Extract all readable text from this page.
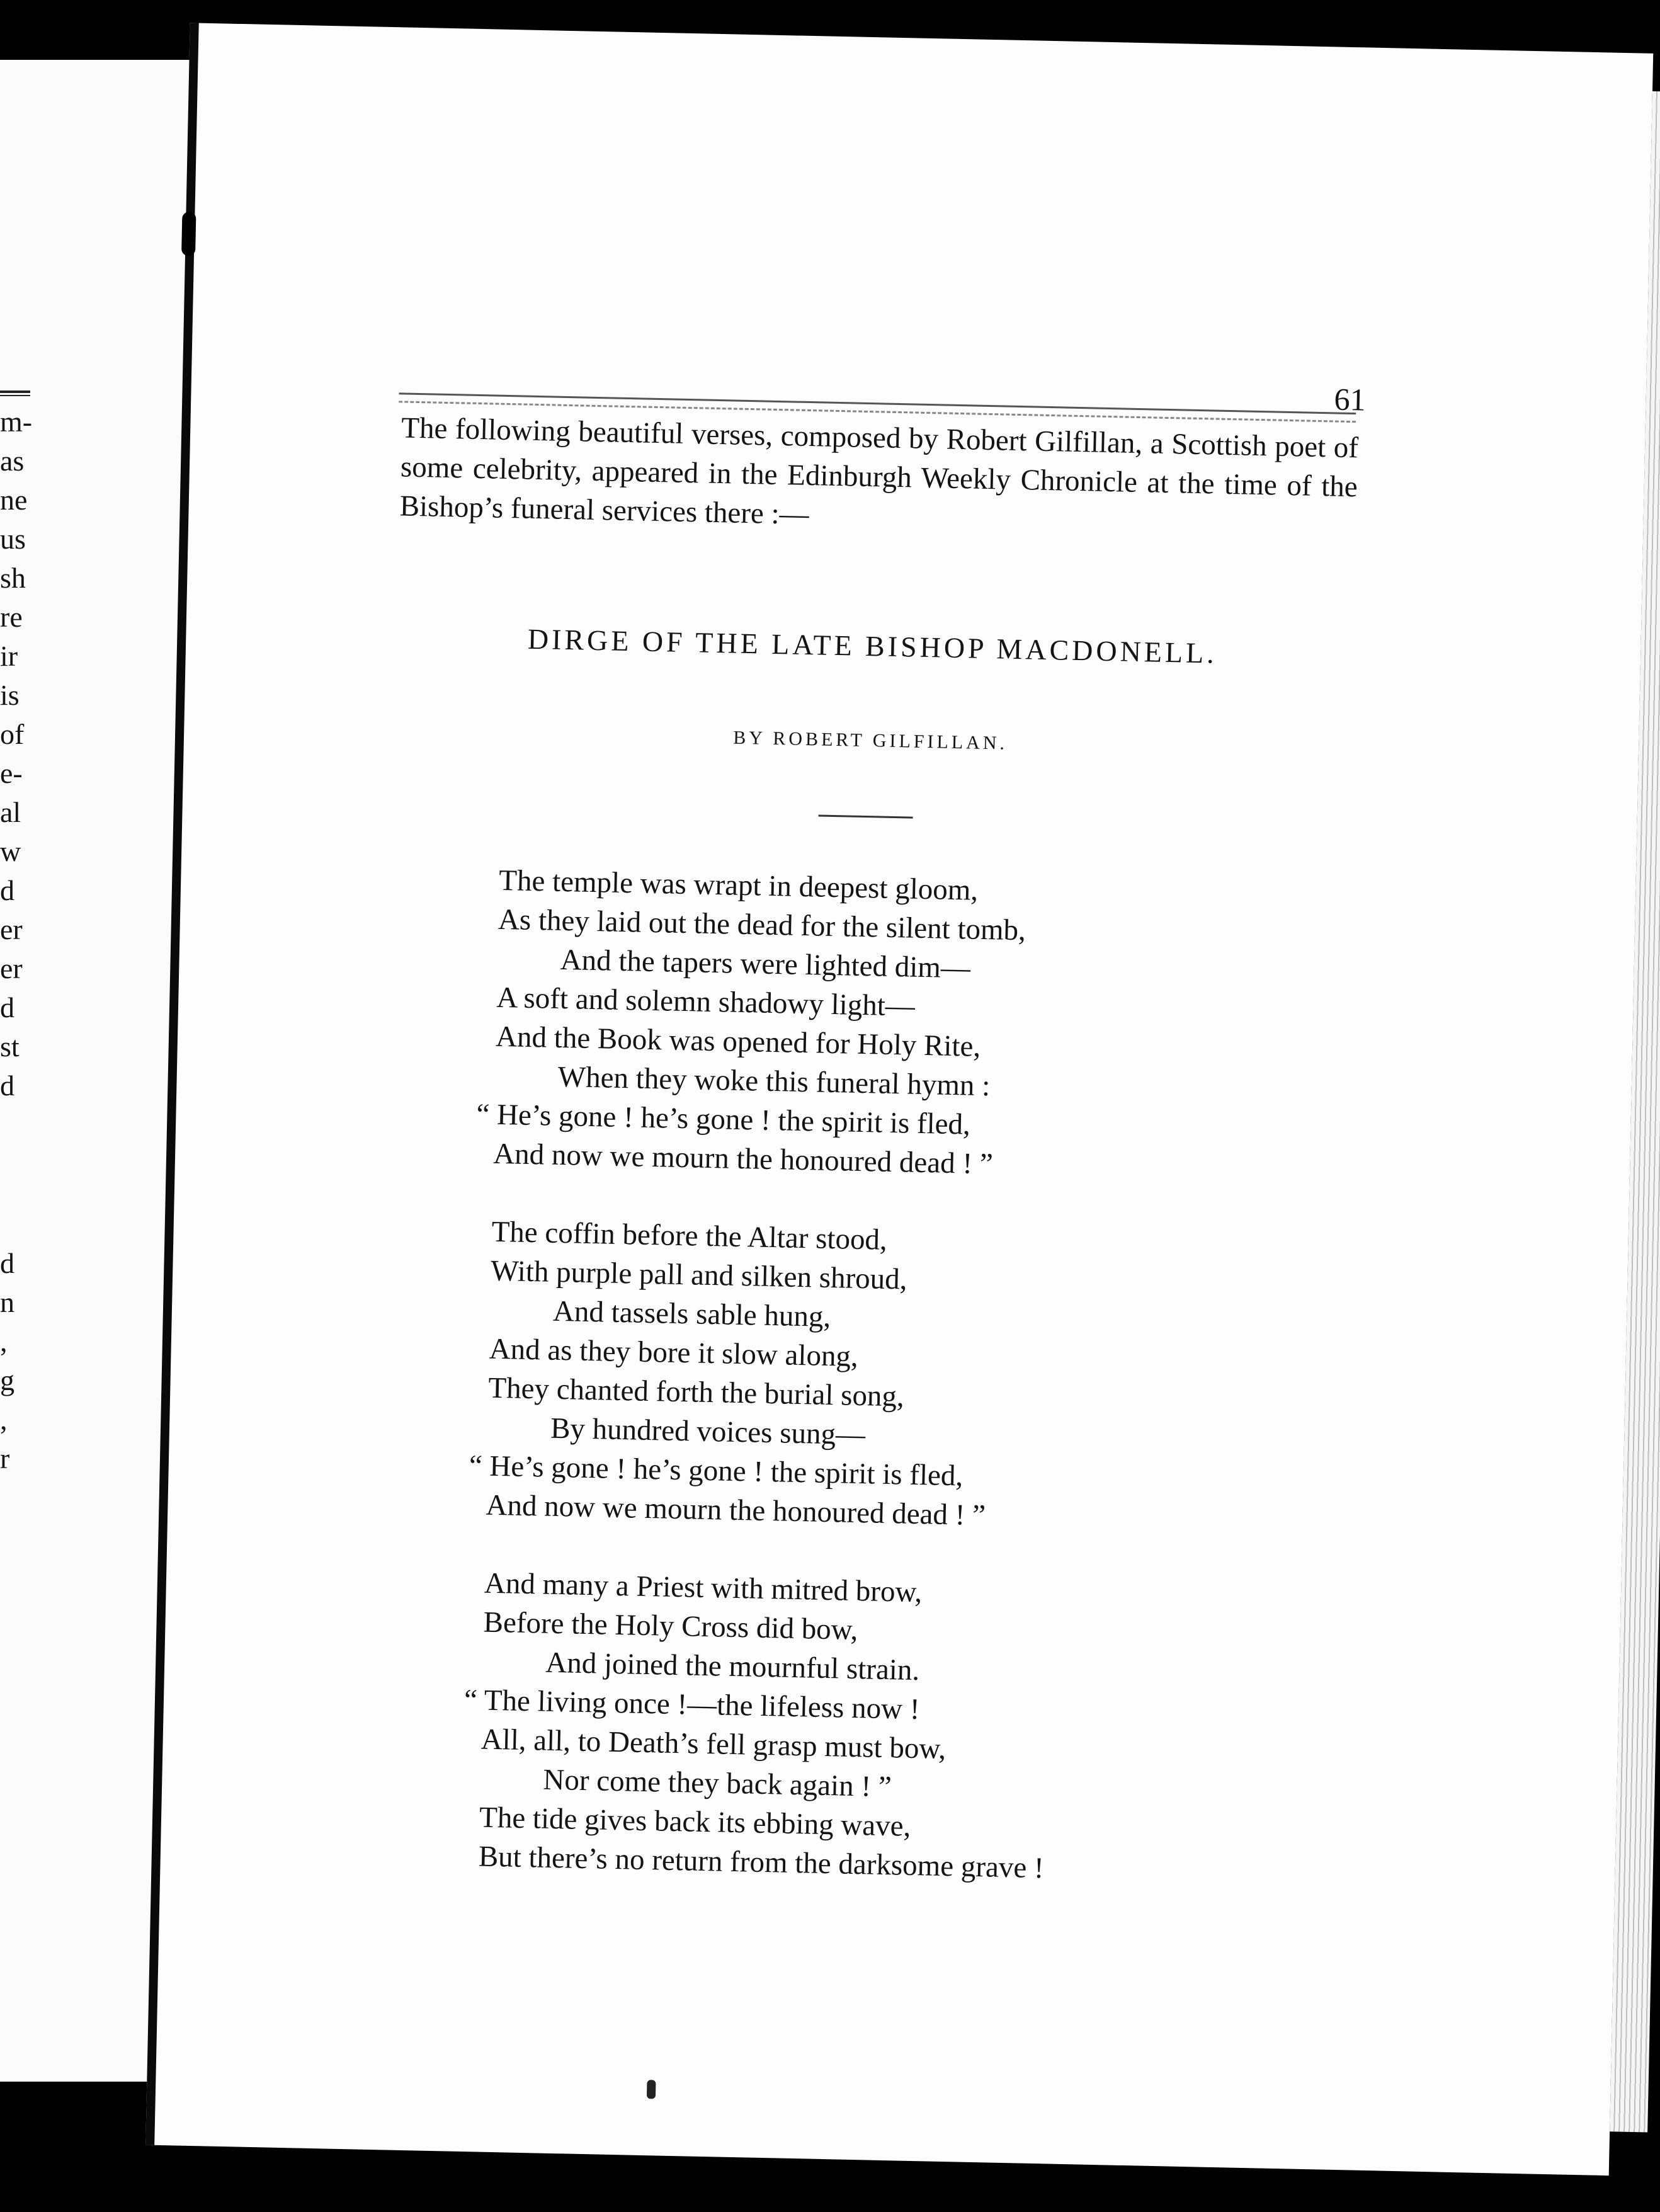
m-
as
ne
us
sh
re
ir
is
of
e-
al
w
d
er
er
d
st
d
d
n
,
g
,
r
61

The following beautiful verses, composed by Robert Gilfillan, a Scottish poet of some celebrity, appeared in the Edinburgh Weekly Chronicle at the time of the Bishop’s funeral services there :—

DIRGE OF THE LATE BISHOP MACDONELL.
BY ROBERT GILFILLAN.
The temple was wrapt in deepest gloom,
As they laid out the dead for the silent tomb,
And the tapers were lighted dim—
A soft and solemn shadowy light—
And the Book was opened for Holy Rite,
When they woke this funeral hymn :
“ He’s gone ! he’s gone ! the spirit is fled,
And now we mourn the honoured dead ! ”
The coffin before the Altar stood,
With purple pall and silken shroud,
And tassels sable hung,
And as they bore it slow along,
They chanted forth the burial song,
By hundred voices sung—
“ He’s gone ! he’s gone ! the spirit is fled,
And now we mourn the honoured dead ! ”
And many a Priest with mitred brow,
Before the Holy Cross did bow,
And joined the mournful strain.
“ The living once !—the lifeless now !
All, all, to Death’s fell grasp must bow,
Nor come they back again ! ”
The tide gives back its ebbing wave,
But there’s no return from the darksome grave !
